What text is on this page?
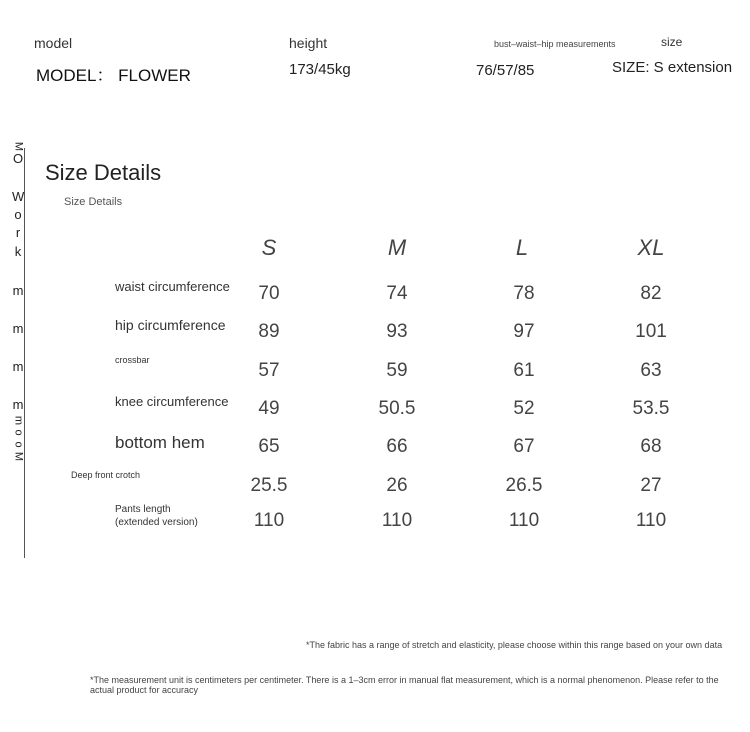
model
MODEL： FLOWER
height
173/45kg
bust–waist–hip measurements
76/57/85
size
SIZE: S extension
M
O
W
o
r
k
m
m
m
m
m
o
o
M
Size Details
Size Details
S	M	L	XL
waist circumference 70	74	78	82
hip circumference 89	93	97	101
crossbar	57	59	61	63
knee circumference 49	50.5	52	53.5
bottom hem	65	66	67	68
Deep front crotch	25.5	26	26.5	27
Pants length
(extended version)	110	110	110	110
*The fabric has a range of stretch and elasticity, please choose within this range based on your own data
*The measurement unit is centimeters per centimeter. There is a 1–3cm error in manual flat measurement, which is a normal phenomenon. Please refer to the actual product for accuracy
